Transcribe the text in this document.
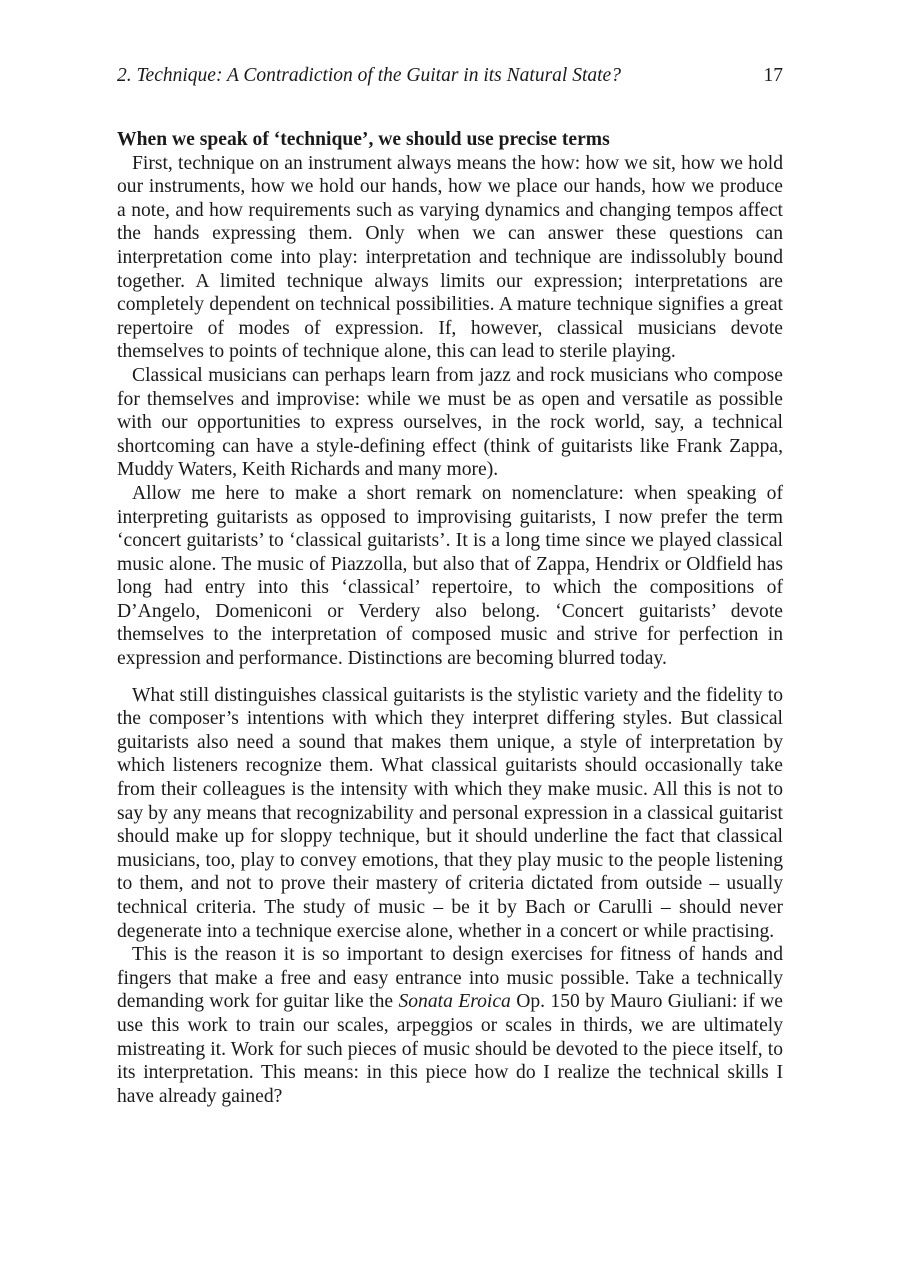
2. Technique: A Contradiction of the Guitar in its Natural State?	17

When we speak of ‘technique’, we should use precise terms

First, technique on an instrument always means the how: how we sit, how we hold our instruments, how we hold our hands, how we place our hands, how we produce a note, and how requirements such as varying dynamics and changing tempos affect the hands expressing them. Only when we can answer these questions can interpretation come into play: interpretation and technique are indissolubly bound together. A limited technique always limits our expression; interpretations are completely dependent on technical possibilities. A mature technique signifies a great repertoire of modes of expression. If, however, classical musicians devote themselves to points of technique alone, this can lead to sterile playing.

Classical musicians can perhaps learn from jazz and rock musicians who compose for themselves and improvise: while we must be as open and versatile as possible with our opportunities to express ourselves, in the rock world, say, a technical shortcoming can have a style-defining effect (think of guitarists like Frank Zappa, Muddy Waters, Keith Richards and many more).

Allow me here to make a short remark on nomenclature: when speaking of interpreting guitarists as opposed to improvising guitarists, I now prefer the term ‘concert guitarists’ to ‘classical guitarists’. It is a long time since we played classical music alone. The music of Piazzolla, but also that of Zappa, Hendrix or Oldfield has long had entry into this ‘classical’ repertoire, to which the compositions of D’Angelo, Domeniconi or Verdery also belong. ‘Concert guitarists’ devote themselves to the interpretation of composed music and strive for perfection in expression and performance. Distinctions are becoming blurred today.

What still distinguishes classical guitarists is the stylistic variety and the fidelity to the composer’s intentions with which they interpret differing styles. But classical guitarists also need a sound that makes them unique, a style of interpretation by which listeners recognize them. What classical guitarists should occasionally take from their colleagues is the intensity with which they make music. All this is not to say by any means that recognizability and personal expression in a classical guitarist should make up for sloppy technique, but it should underline the fact that classical musicians, too, play to convey emotions, that they play music to the people listening to them, and not to prove their mastery of criteria dictated from outside – usually technical criteria. The study of music – be it by Bach or Carulli – should never degenerate into a technique exercise alone, whether in a concert or while practising.

This is the reason it is so important to design exercises for fitness of hands and fingers that make a free and easy entrance into music possible. Take a technically demanding work for guitar like the Sonata Eroica Op. 150 by Mauro Giuliani: if we use this work to train our scales, arpeggios or scales in thirds, we are ultimately mistreating it. Work for such pieces of music should be devoted to the piece itself, to its interpretation. This means: in this piece how do I realize the technical skills I have already gained?
